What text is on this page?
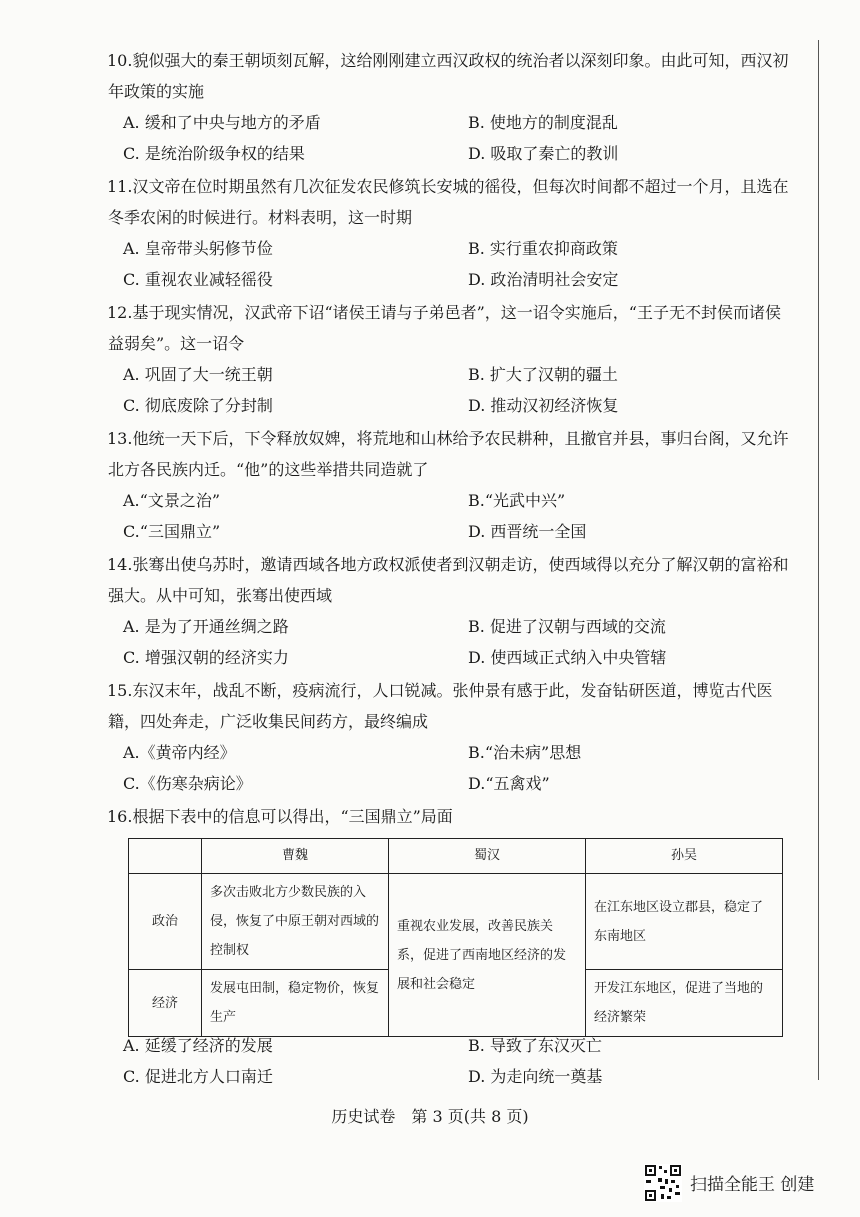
10.貌似强大的秦王朝顷刻瓦解，这给刚刚建立西汉政权的统治者以深刻印象。由此可知，西汉初年政策的实施
A. 缓和了中央与地方的矛盾	B. 使地方的制度混乱
C. 是统治阶级争权的结果	D. 吸取了秦亡的教训
11.汉文帝在位时期虽然有几次征发农民修筑长安城的徭役，但每次时间都不超过一个月，且选在冬季农闲的时候进行。材料表明，这一时期
A. 皇帝带头躬修节俭	B. 实行重农抑商政策
C. 重视农业减轻徭役	D. 政治清明社会安定
12.基于现实情况，汉武帝下诏“诸侯王请与子弟邑者”，这一诏令实施后，“王子无不封侯而诸侯益弱矣”。这一诏令
A. 巩固了大一统王朝	B. 扩大了汉朝的疆土
C. 彻底废除了分封制	D. 推动汉初经济恢复
13.他统一天下后，下令释放奴婢，将荒地和山林给予农民耕种，且撤官并县，事归台阁，又允许北方各民族内迁。“他”的这些举措共同造就了
A.“文景之治”	B.“光武中兴”
C.“三国鼎立”	D. 西晋统一全国
14.张骞出使乌苏时，邀请西域各地方政权派使者到汉朝走访，使西域得以充分了解汉朝的富裕和强大。从中可知，张骞出使西域
A. 是为了开通丝绸之路	B. 促进了汉朝与西域的交流
C. 增强汉朝的经济实力	D. 使西域正式纳入中央管辖
15.东汉末年，战乱不断，疫病流行，人口锐减。张仲景有感于此，发奋钻研医道，博览古代医籍，四处奔走，广泛收集民间药方，最终编成
A.《黄帝内经》	B.“治未病”思想
C.《伤寒杂病论》	D.“五禽戏”
16.根据下表中的信息可以得出，“三国鼎立”局面
	曹魏	蜀汉	孙吴
政治	多次击败北方少数民族的入侵，恢复了中原王朝对西域的控制权	重视农业发展，改善民族关系，促进了西南地区经济的发展和社会稳定	在江东地区设立郡县，稳定了东南地区
经济	发展屯田制，稳定物价，恢复生产		开发江东地区，促进了当地的经济繁荣
A. 延缓了经济的发展	B. 导致了东汉灭亡
C. 促进北方人口南迁	D. 为走向统一奠基
历史试卷　第 3 页(共 8 页)
扫描全能王 创建
